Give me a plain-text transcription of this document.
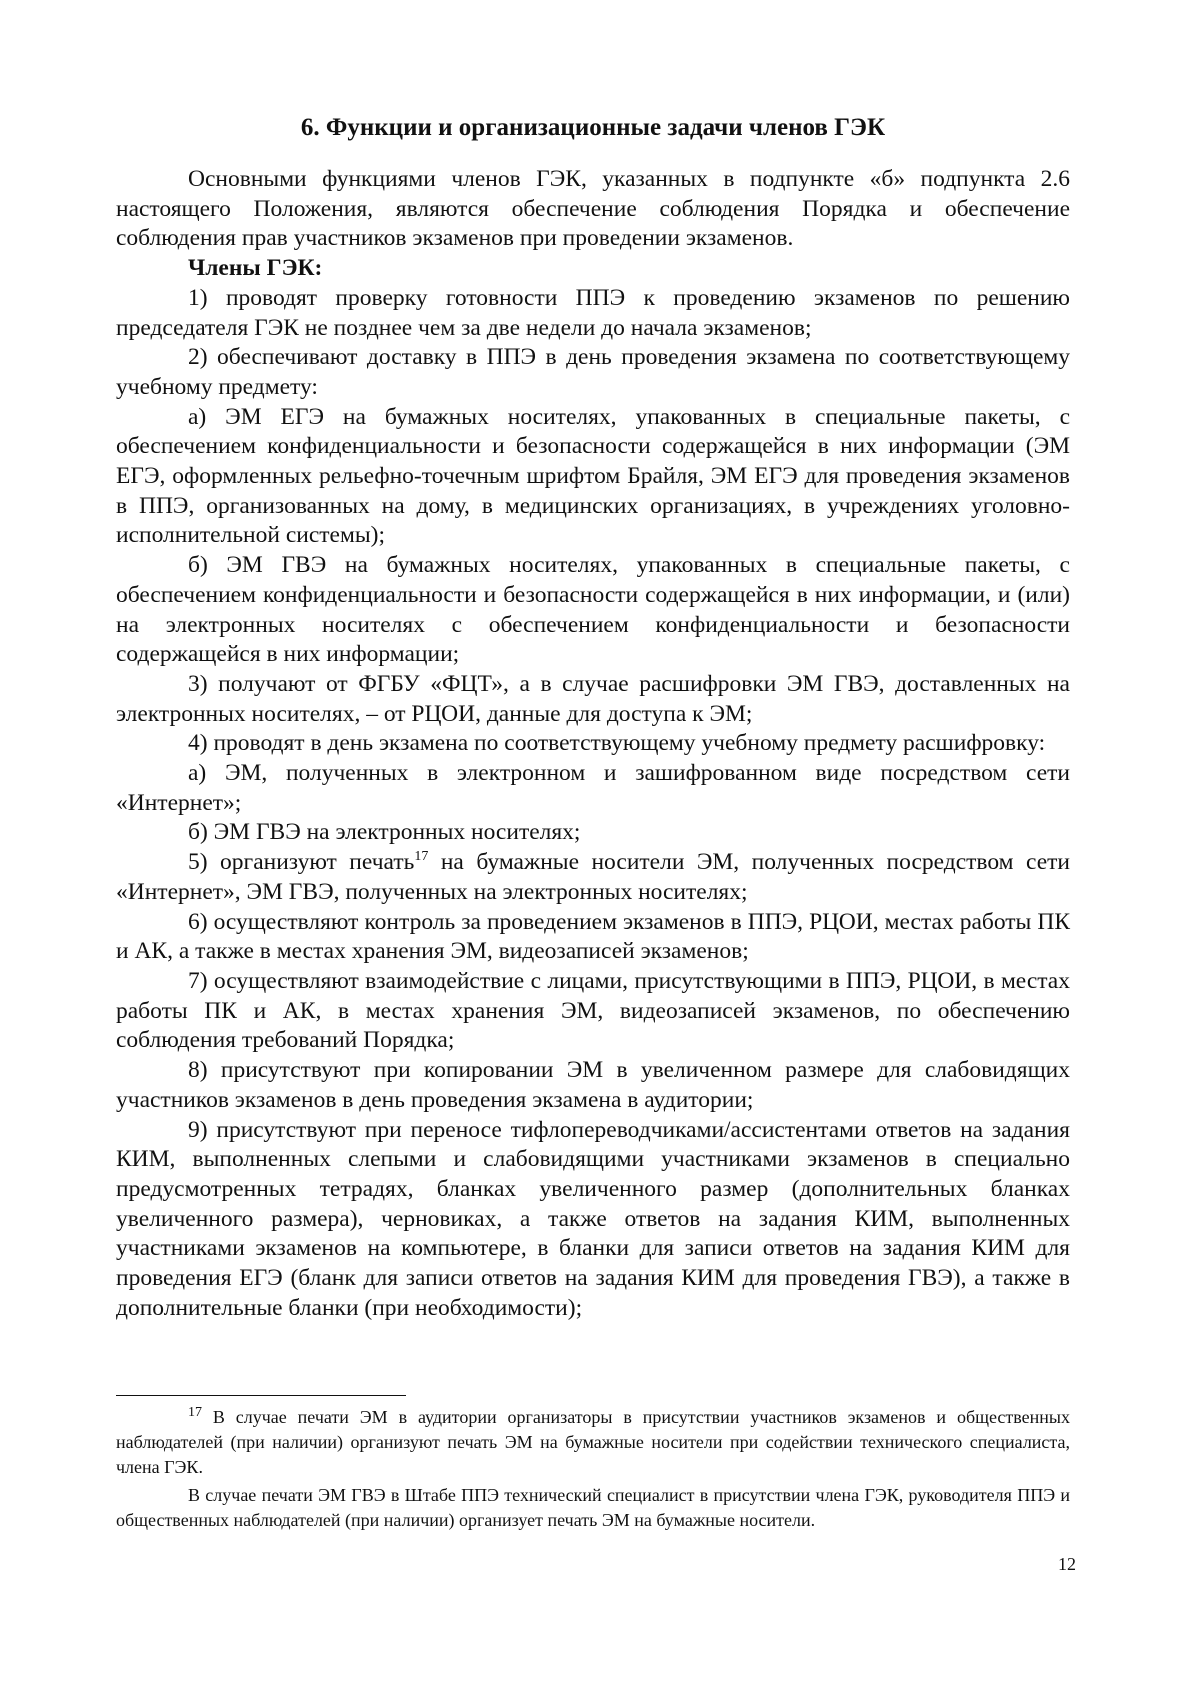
6. Функции и организационные задачи членов ГЭК

Основными функциями членов ГЭК, указанных в подпункте «б» подпункта 2.6 настоящего Положения, являются обеспечение соблюдения Порядка и обеспечение соблюдения прав участников экзаменов при проведении экзаменов.

Члены ГЭК:

1) проводят проверку готовности ППЭ к проведению экзаменов по решению председателя ГЭК не позднее чем за две недели до начала экзаменов;

2) обеспечивают доставку в ППЭ в день проведения экзамена по соответствующему учебному предмету:

а) ЭМ ЕГЭ на бумажных носителях, упакованных в специальные пакеты, с обеспечением конфиденциальности и безопасности содержащейся в них информации (ЭМ ЕГЭ, оформленных рельефно-точечным шрифтом Брайля, ЭМ ЕГЭ для проведения экзаменов в ППЭ, организованных на дому, в медицинских организациях, в учреждениях уголовно-исполнительной системы);

б) ЭМ ГВЭ на бумажных носителях, упакованных в специальные пакеты, с обеспечением конфиденциальности и безопасности содержащейся в них информации, и (или) на электронных носителях с обеспечением конфиденциальности и безопасности содержащейся в них информации;

3) получают от ФГБУ «ФЦТ», а в случае расшифровки ЭМ ГВЭ, доставленных на электронных носителях, – от РЦОИ, данные для доступа к ЭМ;

4) проводят в день экзамена по соответствующему учебному предмету расшифровку:

а) ЭМ, полученных в электронном и зашифрованном виде посредством сети «Интернет»;

б) ЭМ ГВЭ на электронных носителях;

5) организуют печать$^{17}$ на бумажные носители ЭМ, полученных посредством сети «Интернет», ЭМ ГВЭ, полученных на электронных носителях;

6) осуществляют контроль за проведением экзаменов в ППЭ, РЦОИ, местах работы ПК и АК, а также в местах хранения ЭМ, видеозаписей экзаменов;

7) осуществляют взаимодействие с лицами, присутствующими в ППЭ, РЦОИ, в местах работы ПК и АК, в местах хранения ЭМ, видеозаписей экзаменов, по обеспечению соблюдения требований Порядка;

8) присутствуют при копировании ЭМ в увеличенном размере для слабовидящих участников экзаменов в день проведения экзамена в аудитории;

9) присутствуют при переносе тифлопереводчиками/ассистентами ответов на задания КИМ, выполненных слепыми и слабовидящими участниками экзаменов в специально предусмотренных тетрадях, бланках увеличенного размер (дополнительных бланках увеличенного размера), черновиках, а также ответов на задания КИМ, выполненных участниками экзаменов на компьютере, в бланки для записи ответов на задания КИМ для проведения ЕГЭ (бланк для записи ответов на задания КИМ для проведения ГВЭ), а также в дополнительные бланки (при необходимости);

$^{17}$ В случае печати ЭМ в аудитории организаторы в присутствии участников экзаменов и общественных наблюдателей (при наличии) организуют печать ЭМ на бумажные носители при содействии технического специалиста, члена ГЭК.

В случае печати ЭМ ГВЭ в Штабе ППЭ технический специалист в присутствии члена ГЭК, руководителя ППЭ и общественных наблюдателей (при наличии) организует печать ЭМ на бумажные носители.

12
